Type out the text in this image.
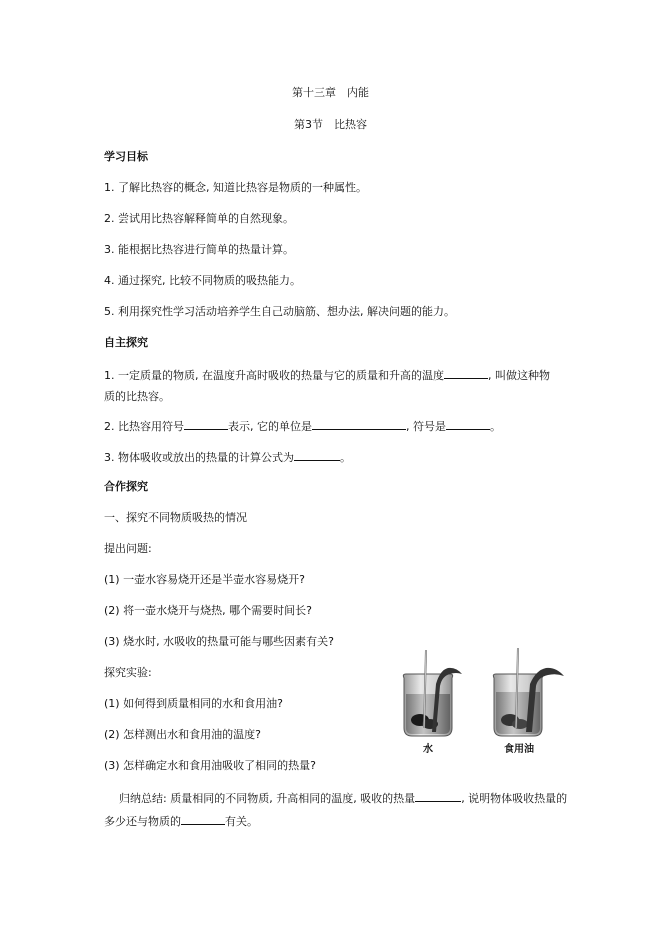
第十三章　内能
第3节　比热容
学习目标
1. 了解比热容的概念, 知道比热容是物质的一种属性。
2. 尝试用比热容解释简单的自然现象。
3. 能根据比热容进行简单的热量计算。
4. 通过探究, 比较不同物质的吸热能力。
5. 利用探究性学习活动培养学生自己动脑筋、想办法, 解决问题的能力。
自主探究
1. 一定质量的物质, 在温度升高时吸收的热量与它的质量和升高的温度	, 叫做这种物
质的比热容。
2. 比热容用符号	表示, 它的单位是	, 符号是	。
3. 物体吸收或放出的热量的计算公式为	。
合作探究
一、探究不同物质吸热的情况
提出问题:
(1) 一壶水容易烧开还是半壶水容易烧开?
(2) 将一壶水烧开与烧热, 哪个需要时间长?
(3) 烧水时, 水吸收的热量可能与哪些因素有关?
探究实验:
(1) 如何得到质量相同的水和食用油?
(2) 怎样测出水和食用油的温度?
(3) 怎样确定水和食用油吸收了相同的热量?
归纳总结: 质量相同的不同物质, 升高相同的温度, 吸收的热量	, 说明物体吸收热量的
多少还与物质的	有关。
水	食用油
